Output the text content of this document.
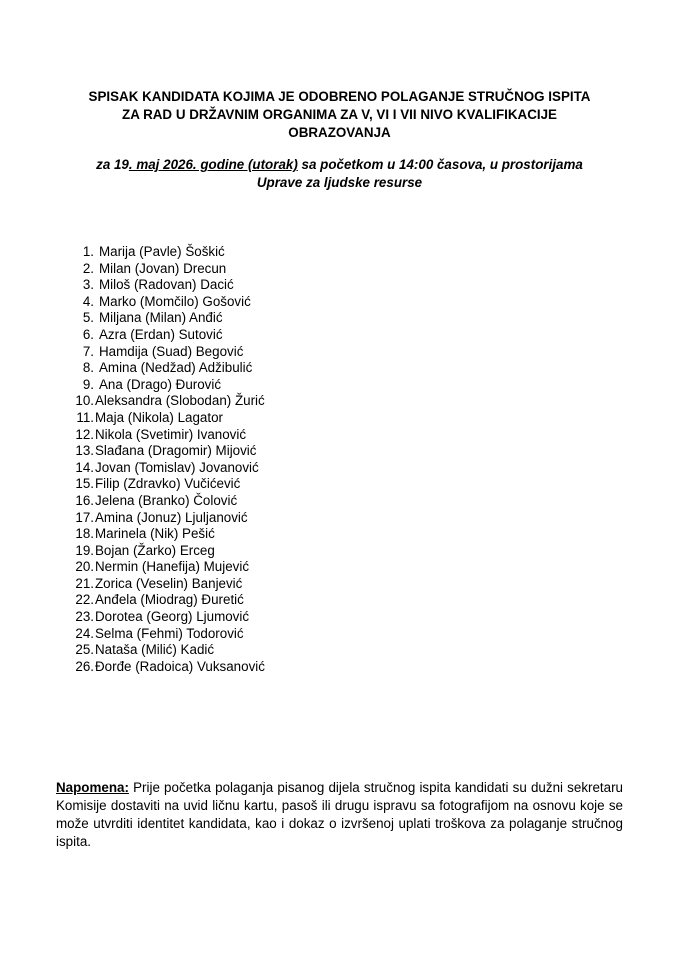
SPISAK KANDIDATA KOJIMA JE ODOBRENO POLAGANJE STRUČNOG ISPITA
ZA RAD U DRŽAVNIM ORGANIMA ZA V, VI I VII NIVO KVALIFIKACIJE
OBRAZOVANJA

za 19. maj 2026. godine (utorak) sa početkom u 14:00 časova, u prostorijama
Uprave za ljudske resurse

1. Marija (Pavle) Šoškić
2. Milan (Jovan) Drecun
3. Miloš (Radovan) Dacić
4. Marko (Momčilo) Gošović
5. Miljana (Milan) Anđić
6. Azra (Erdan) Sutović
7. Hamdija (Suad) Begović
8. Amina (Nedžad) Adžibulić
9. Ana (Drago) Đurović
10. Aleksandra (Slobodan) Žurić
11. Maja (Nikola) Lagator
12. Nikola (Svetimir) Ivanović
13. Slađana (Dragomir) Mijović
14. Jovan (Tomislav) Jovanović
15. Filip (Zdravko) Vučićević
16. Jelena (Branko) Čolović
17. Amina (Jonuz) Ljuljanović
18. Marinela (Nik) Pešić
19. Bojan (Žarko) Erceg
20. Nermin (Hanefija) Mujević
21. Zorica (Veselin) Banjević
22. Anđela (Miodrag) Đuretić
23. Dorotea (Georg) Ljumović
24. Selma (Fehmi) Todorović
25. Nataša (Milić) Kadić
26. Đorđe (Radoica) Vuksanović

Napomena: Prije početka polaganja pisanog dijela stručnog ispita kandidati su dužni sekretaru Komisije dostaviti na uvid ličnu kartu, pasoš ili drugu ispravu sa fotografijom na osnovu koje se može utvrditi identitet kandidata, kao i dokaz o izvršenoj uplati troškova za polaganje stručnog ispita.
